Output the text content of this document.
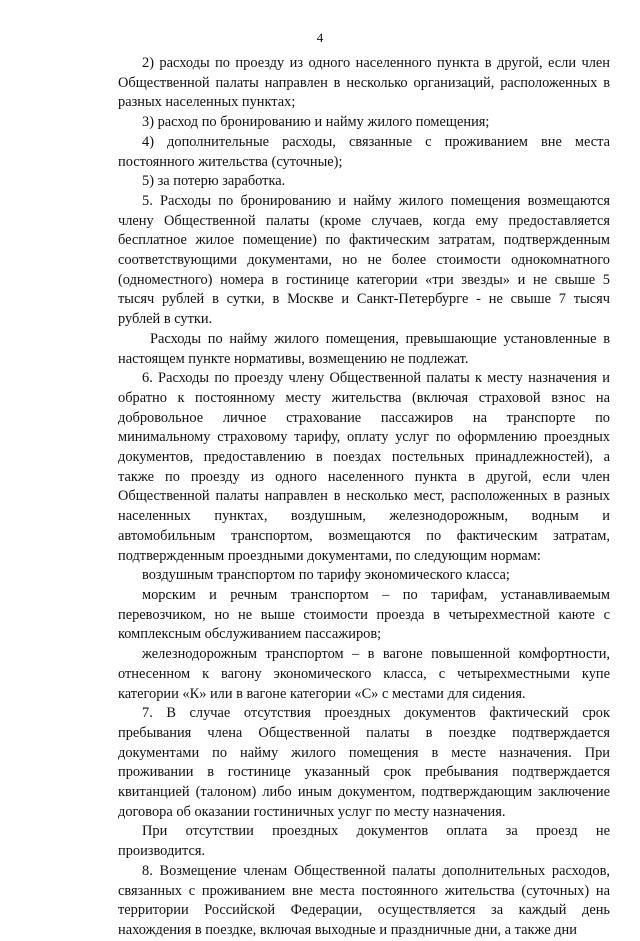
4

2) расходы по проезду из одного населенного пункта в другой, если член
Общественной палаты направлен в несколько организаций, расположенных в
разных населенных пунктах;

3) расход по бронированию и найму жилого помещения;

4) дополнительные расходы, связанные с проживанием вне места
постоянного жительства (суточные);

5) за потерю заработка.

5. Расходы по бронированию и найму жилого помещения возмещаются
члену Общественной палаты (кроме случаев, когда ему предоставляется
бесплатное жилое помещение) по фактическим затратам, подтвержденным
соответствующими документами, но не более стоимости однокомнатного
(одноместного) номера в гостинице категории «три звезды» и не свыше 5
тысяч рублей в сутки, в Москве и Санкт-Петербурге - не свыше 7 тысяч
рублей в сутки.

Расходы по найму жилого помещения, превышающие установленные в
настоящем пункте нормативы, возмещению не подлежат.

6. Расходы по проезду члену Общественной палаты к месту назначения и
обратно к постоянному месту жительства (включая страховой взнос на
добровольное личное страхование пассажиров на транспорте по
минимальному страховому тарифу, оплату услуг по оформлению проездных
документов, предоставлению в поездах постельных принадлежностей), а
также по проезду из одного населенного пункта в другой, если член
Общественной палаты направлен в несколько мест, расположенных в разных
населенных пунктах, воздушным, железнодорожным, водным и
автомобильным транспортом, возмещаются по фактическим затратам,
подтвержденным проездными документами, по следующим нормам:

воздушным транспортом по тарифу экономического класса;

морским и речным транспортом – по тарифам, устанавливаемым
перевозчиком, но не выше стоимости проезда в четырехместной каюте с
комплексным обслуживанием пассажиров;

железнодорожным транспортом – в вагоне повышенной комфортности,
отнесенном к вагону экономического класса, с четырехместными купе
категории «К» или в вагоне категории «С» с местами для сидения.

7. В случае отсутствия проездных документов фактический срок
пребывания члена Общественной палаты в поездке подтверждается
документами по найму жилого помещения в месте назначения. При
проживании в гостинице указанный срок пребывания подтверждается
квитанцией (талоном) либо иным документом, подтверждающим заключение
договора об оказании гостиничных услуг по месту назначения.

При отсутствии проездных документов оплата за проезд не
производится.

8. Возмещение членам Общественной палаты дополнительных расходов,
связанных с проживанием вне места постоянного жительства (суточных) на
территории Российской Федерации, осуществляется за каждый день
нахождения в поездке, включая выходные и праздничные дни, а также дни
